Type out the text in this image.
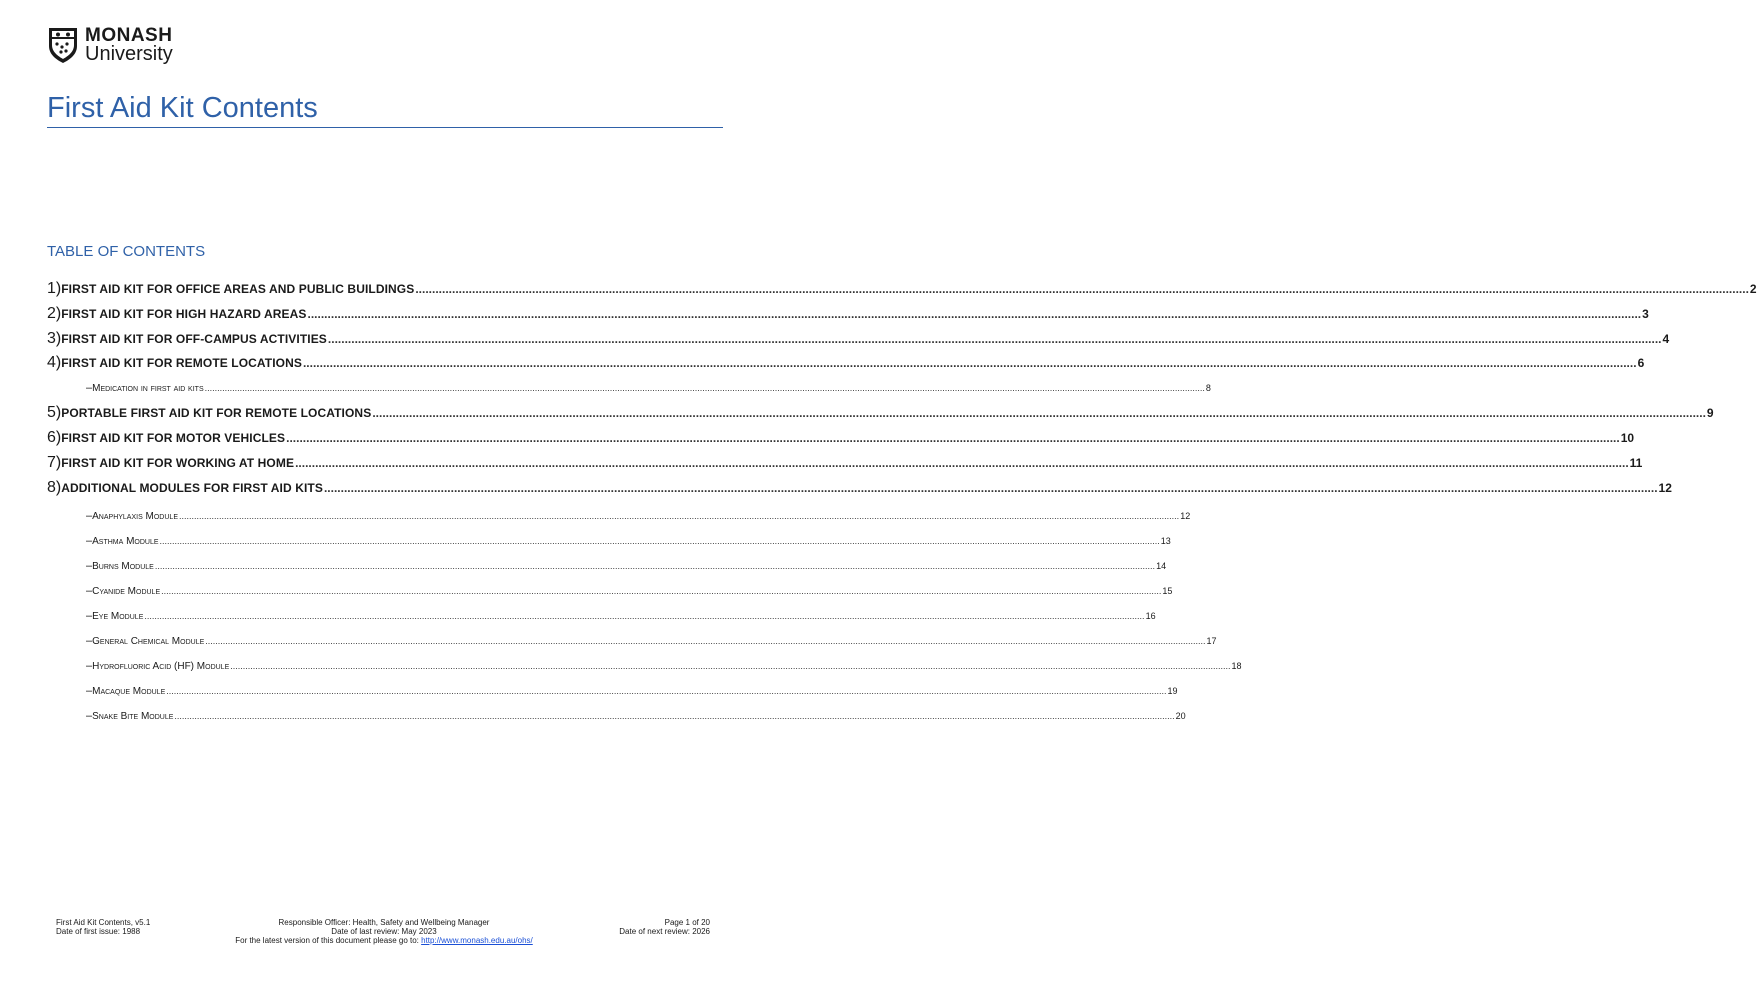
MONASH
University
First Aid Kit Contents
TABLE OF CONTENTS
1) FIRST AID KIT FOR OFFICE AREAS AND PUBLIC BUILDINGS ................................................................................................................................................................................................................................................................................................................................................................................................................ 2
2) FIRST AID KIT FOR HIGH HAZARD AREAS ................................................................................................................................................................................................................................................................................................................................................................................................................ 3
3) FIRST AID KIT FOR OFF-CAMPUS ACTIVITIES ................................................................................................................................................................................................................................................................................................................................................................................................................ 4
4) FIRST AID KIT FOR REMOTE LOCATIONS ................................................................................................................................................................................................................................................................................................................................................................................................................ 6
– Medication in first aid kits ................................................................................................................................................................................................................................................................................................................................................................................................................ 8
5) PORTABLE FIRST AID KIT FOR REMOTE LOCATIONS ................................................................................................................................................................................................................................................................................................................................................................................................................ 9
6) FIRST AID KIT FOR MOTOR VEHICLES ................................................................................................................................................................................................................................................................................................................................................................................................................ 10
7) FIRST AID KIT FOR WORKING AT HOME ................................................................................................................................................................................................................................................................................................................................................................................................................ 11
8) ADDITIONAL MODULES FOR FIRST AID KITS ................................................................................................................................................................................................................................................................................................................................................................................................................ 12
– Anaphylaxis Module ................................................................................................................................................................................................................................................................................................................................................................................................................ 12
– Asthma Module ................................................................................................................................................................................................................................................................................................................................................................................................................ 13
– Burns Module ................................................................................................................................................................................................................................................................................................................................................................................................................ 14
– Cyanide Module ................................................................................................................................................................................................................................................................................................................................................................................................................ 15
– Eye Module ................................................................................................................................................................................................................................................................................................................................................................................................................ 16
– General Chemical Module ................................................................................................................................................................................................................................................................................................................................................................................................................ 17
– Hydrofluoric Acid (HF) Module ................................................................................................................................................................................................................................................................................................................................................................................................................ 18
– Macaque Module ................................................................................................................................................................................................................................................................................................................................................................................................................ 19
– Snake Bite Module ................................................................................................................................................................................................................................................................................................................................................................................................................ 20
First Aid Kit Contents, v5.1
Date of first issue: 1988
Responsible Officer: Health, Safety and Wellbeing Manager
Date of last review: May 2023
For the latest version of this document please go to: http://www.monash.edu.au/ohs/
Page 1 of 20
Date of next review: 2026
